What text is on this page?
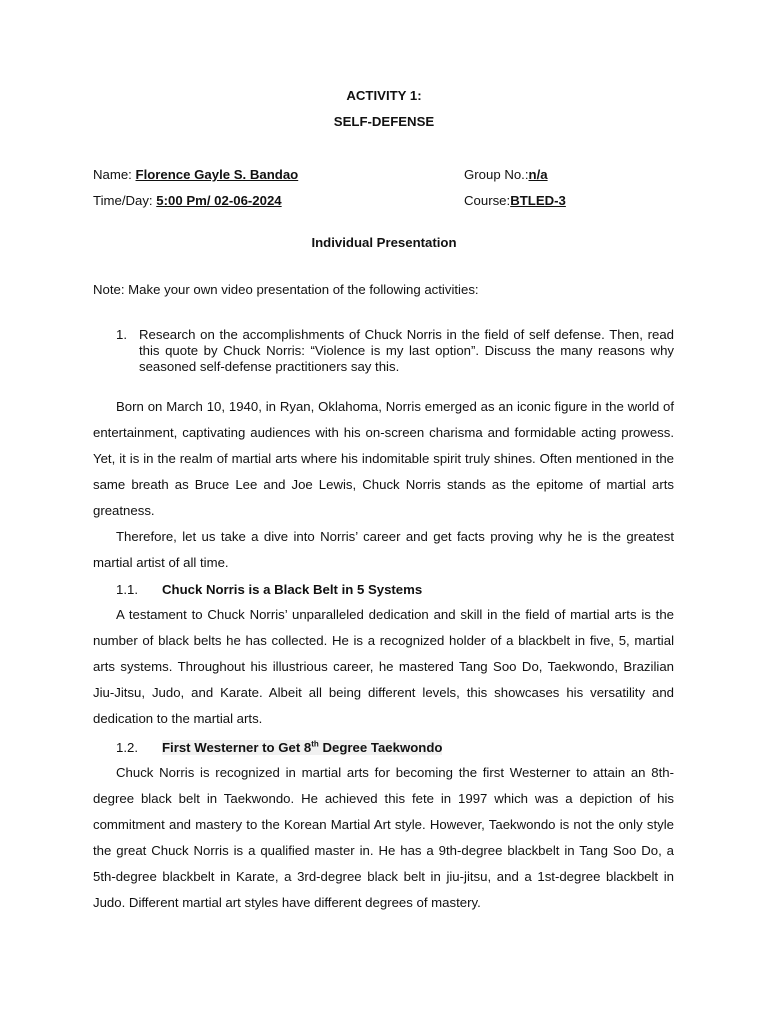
ACTIVITY 1:
SELF-DEFENSE
Name: Florence Gayle S. Bandao	Group No.:n/a
Time/Day: 5:00 Pm/ 02-06-2024	Course:BTLED-3
Individual Presentation
Note: Make your own video presentation of the following activities:
1. Research on the accomplishments of Chuck Norris in the field of self defense. Then, read this quote by Chuck Norris: “Violence is my last option”. Discuss the many reasons why seasoned self-defense practitioners say this.

Born on March 10, 1940, in Ryan, Oklahoma, Norris emerged as an iconic figure in the world of entertainment, captivating audiences with his on-screen charisma and formidable acting prowess. Yet, it is in the realm of martial arts where his indomitable spirit truly shines. Often mentioned in the same breath as Bruce Lee and Joe Lewis, Chuck Norris stands as the epitome of martial arts greatness.

Therefore, let us take a dive into Norris’ career and get facts proving why he is the greatest martial artist of all time.

1.1. Chuck Norris is a Black Belt in 5 Systems

A testament to Chuck Norris’ unparalleled dedication and skill in the field of martial arts is the number of black belts he has collected. He is a recognized holder of a blackbelt in five, 5, martial arts systems. Throughout his illustrious career, he mastered Tang Soo Do, Taekwondo, Brazilian Jiu-Jitsu, Judo, and Karate. Albeit all being different levels, this showcases his versatility and dedication to the martial arts.

1.2. First Westerner to Get 8th Degree Taekwondo

Chuck Norris is recognized in martial arts for becoming the first Westerner to attain an 8th-degree black belt in Taekwondo. He achieved this fete in 1997 which was a depiction of his commitment and mastery to the Korean Martial Art style. However, Taekwondo is not the only style the great Chuck Norris is a qualified master in. He has a 9th-degree blackbelt in Tang Soo Do, a 5th-degree blackbelt in Karate, a 3rd-degree black belt in jiu-jitsu, and a 1st-degree blackbelt in Judo. Different martial art styles have different degrees of mastery.
